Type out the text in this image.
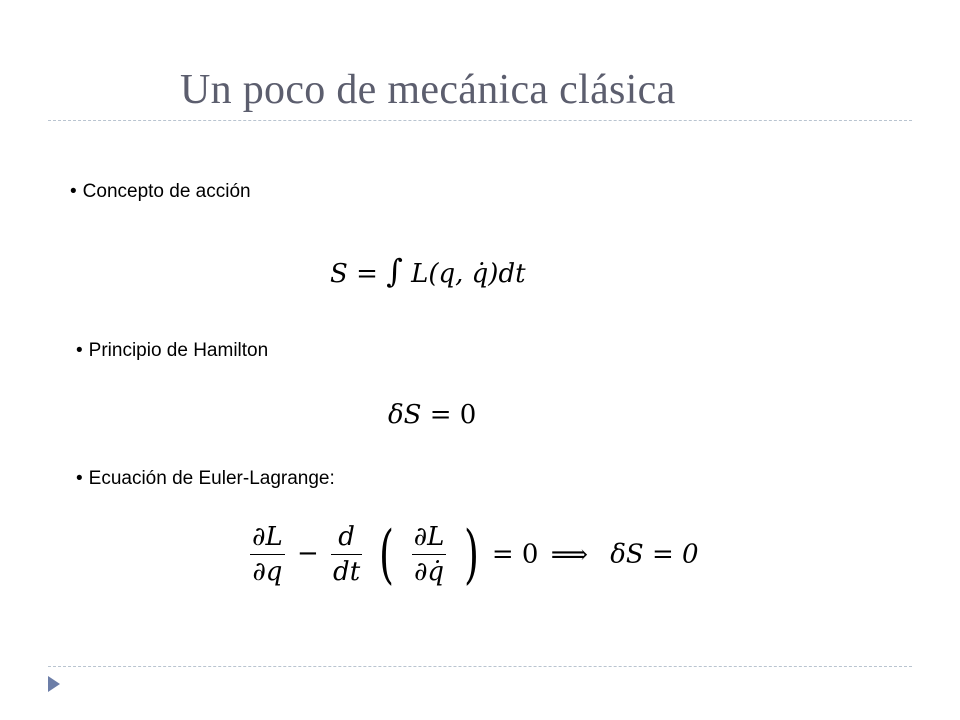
Un poco de mecánica clásica
• Concepto de acción
S = ∫ L(q, q̇)dt
• Principio de Hamilton
δS = 0
• Ecuación de Euler-Lagrange:
$\frac{\partial L}{\partial q} - \frac{d}{dt}$ ( $\frac{\partial L}{\partial q̇}$ ) = 0 ⟹ δS = 0
